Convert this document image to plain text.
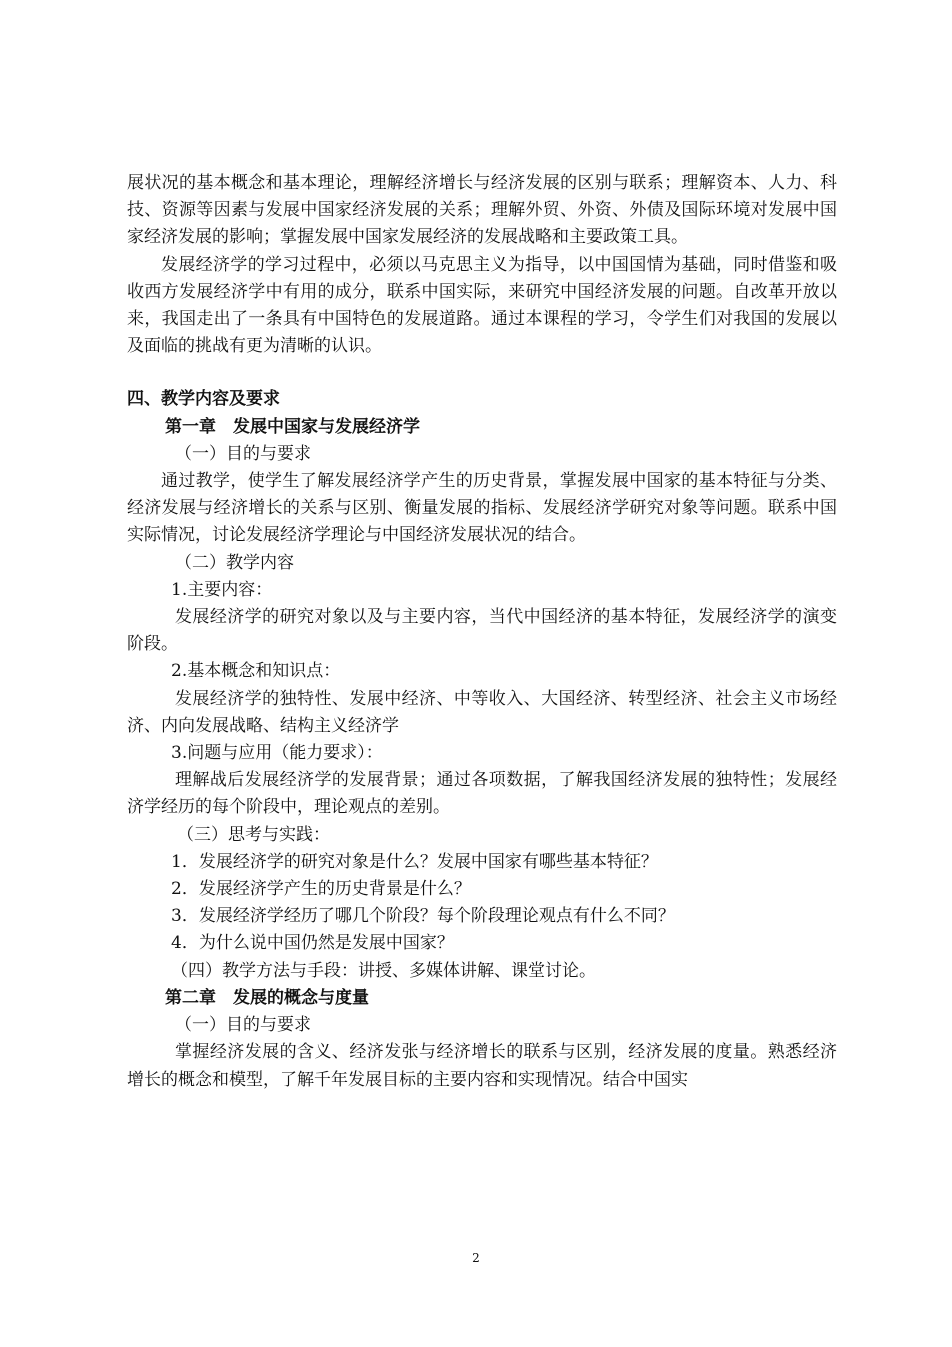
展状况的基本概念和基本理论，理解经济增长与经济发展的区别与联系；理解资本、人力、科技、资源等因素与发展中国家经济发展的关系；理解外贸、外资、外债及国际环境对发展中国家经济发展的影响；掌握发展中国家发展经济的发展战略和主要政策工具。

发展经济学的学习过程中，必须以马克思主义为指导，以中国国情为基础，同时借鉴和吸收西方发展经济学中有用的成分，联系中国实际，来研究中国经济发展的问题。自改革开放以来，我国走出了一条具有中国特色的发展道路。通过本课程的学习，令学生们对我国的发展以及面临的挑战有更为清晰的认识。

四、教学内容及要求

第一章　发展中国家与发展经济学

（一）目的与要求

通过教学，使学生了解发展经济学产生的历史背景，掌握发展中国家的基本特征与分类、经济发展与经济增长的关系与区别、衡量发展的指标、发展经济学研究对象等问题。联系中国实际情况，讨论发展经济学理论与中国经济发展状况的结合。

（二）教学内容

1.主要内容：

发展经济学的研究对象以及与主要内容，当代中国经济的基本特征，发展经济学的演变阶段。

2.基本概念和知识点：

发展经济学的独特性、发展中经济、中等收入、大国经济、转型经济、社会主义市场经济、内向发展战略、结构主义经济学

3.问题与应用（能力要求）：

理解战后发展经济学的发展背景；通过各项数据，了解我国经济发展的独特性；发展经济学经历的每个阶段中，理论观点的差别。

（三）思考与实践：

1．发展经济学的研究对象是什么？发展中国家有哪些基本特征？

2．发展经济学产生的历史背景是什么？

3．发展经济学经历了哪几个阶段？每个阶段理论观点有什么不同？

4．为什么说中国仍然是发展中国家？

（四）教学方法与手段：讲授、多媒体讲解、课堂讨论。

第二章　发展的概念与度量

（一）目的与要求

掌握经济发展的含义、经济发张与经济增长的联系与区别，经济发展的度量。熟悉经济增长的概念和模型，了解千年发展目标的主要内容和实现情况。结合中国实

2
